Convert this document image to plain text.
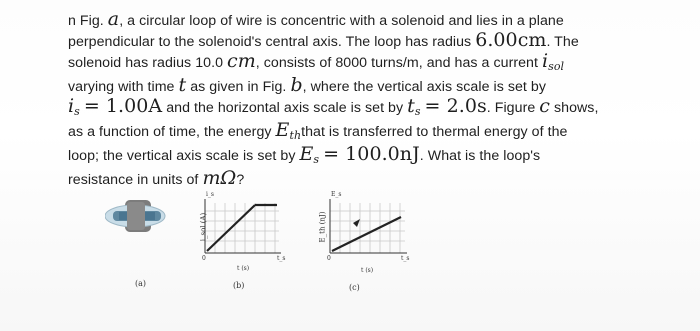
n Fig. a, a circular loop of wire is concentric with a solenoid and lies in a plane
perpendicular to the solenoid's central axis. The loop has radius 6.00cm. The
solenoid has radius 10.0 cm, consists of 8000 turns/m, and has a current $i_{sol}$
varying with time t as given in Fig. b, where the vertical axis scale is set by
$i_s = 1.00A$ and the horizontal axis scale is set by $t_s = 2.0s$. Figure c shows,
as a function of time, the energy $E_{th}that$ is transferred to thermal energy of the
loop; the vertical axis scale is set by $E_s = 100.0nJ$. What is the loop's
resistance in units of mΩ?
(a)	(b)	(c)
i_sol (A)
i_s
0
t (s)
t_s
E_th (nJ)
E_s
0
t (s)
t_s
